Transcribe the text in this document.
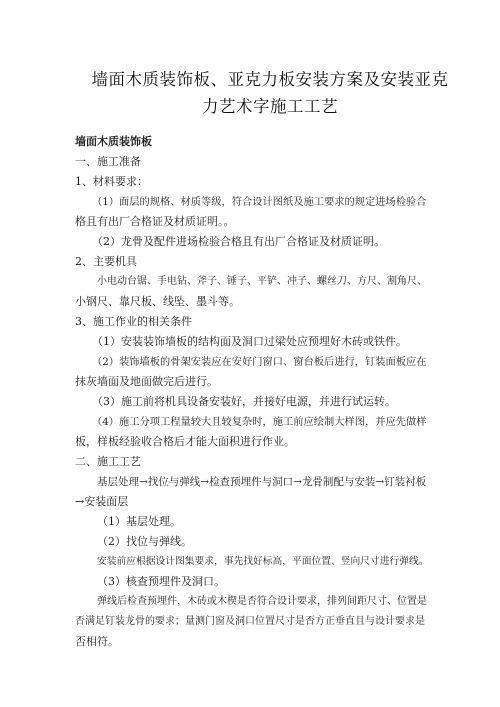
墙面木质装饰板、亚克力板安装方案及安装亚克
力艺术字施工工艺
墙面木质装饰板
一、施工准备
1、材料要求：
（1）面层的规格、材质等级，符合设计图纸及施工要求的规定进场检验合
格且有出厂合格证及材质证明。。
（2）龙骨及配件进场检验合格且有出厂合格证及材质证明。
2、主要机具
小电动台锯、手电钻、斧子、锤子、平铲、冲子、螺丝刀、方尺、割角尺、
小钢尺、靠尺板、线坠、墨斗等。
3、施工作业的相关条件
（1）安装装饰墙板的结构面及洞口过梁处应预埋好木砖或铁件。
（2）装饰墙板的骨架安装应在安好门窗口、窗台板后进行，钉装面板应在
抹灰墙面及地面做完后进行。
（3）施工前将机具设备安装好，并接好电源，并进行试运转。
（4）施工分项工程量较大且较复杂时，施工前应绘制大样图，并应先做样
板，样板经验收合格后才能大面积进行作业。
二、施工工艺
基层处理→找位与弹线→检查预埋件与洞口→龙骨制配与安装→钉装衬板
→安装面层
（1）基层处理。
（2）找位与弹线。
安装前应根据设计图集要求，事先找好标高，平面位置、竖向尺寸进行弹线。
（3）核查预埋件及洞口。
弹线后检查预埋件，木砖或木楔是否符合设计要求，排列间距尺寸、位置是
否满足钉装龙骨的要求；量测门窗及洞口位置尺寸是否方正垂直且与设计要求是
否相符。
